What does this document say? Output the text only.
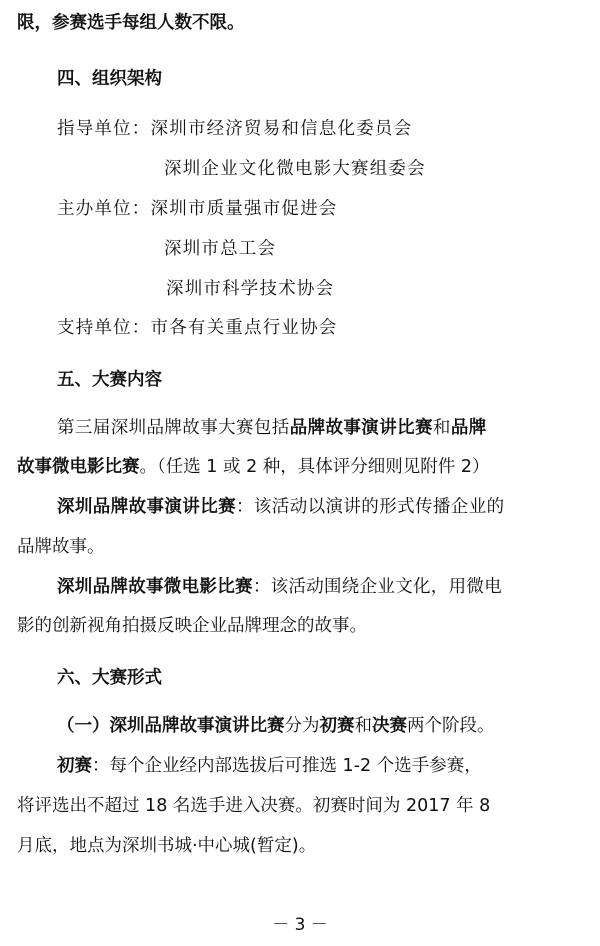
限，参赛选手每组人数不限。
四、组织架构
指导单位：深圳市经济贸易和信息化委员会
深圳企业文化微电影大赛组委会
主办单位：深圳市质量强市促进会
深圳市总工会
深圳市科学技术协会
支持单位：市各有关重点行业协会
五、大赛内容
第三届深圳品牌故事大赛包括品牌故事演讲比赛和品牌
故事微电影比赛。（任选 1 或 2 种，具体评分细则见附件 2）
深圳品牌故事演讲比赛：该活动以演讲的形式传播企业的
品牌故事。
深圳品牌故事微电影比赛：该活动围绕企业文化，用微电
影的创新视角拍摄反映企业品牌理念的故事。
六、大赛形式
（一）深圳品牌故事演讲比赛分为初赛和决赛两个阶段。
初赛：每个企业经内部选拔后可推选 1-2 个选手参赛，
将评选出不超过 18 名选手进入决赛。初赛时间为 2017 年 8
月底，地点为深圳书城·中心城(暂定)。
－ 3 －
